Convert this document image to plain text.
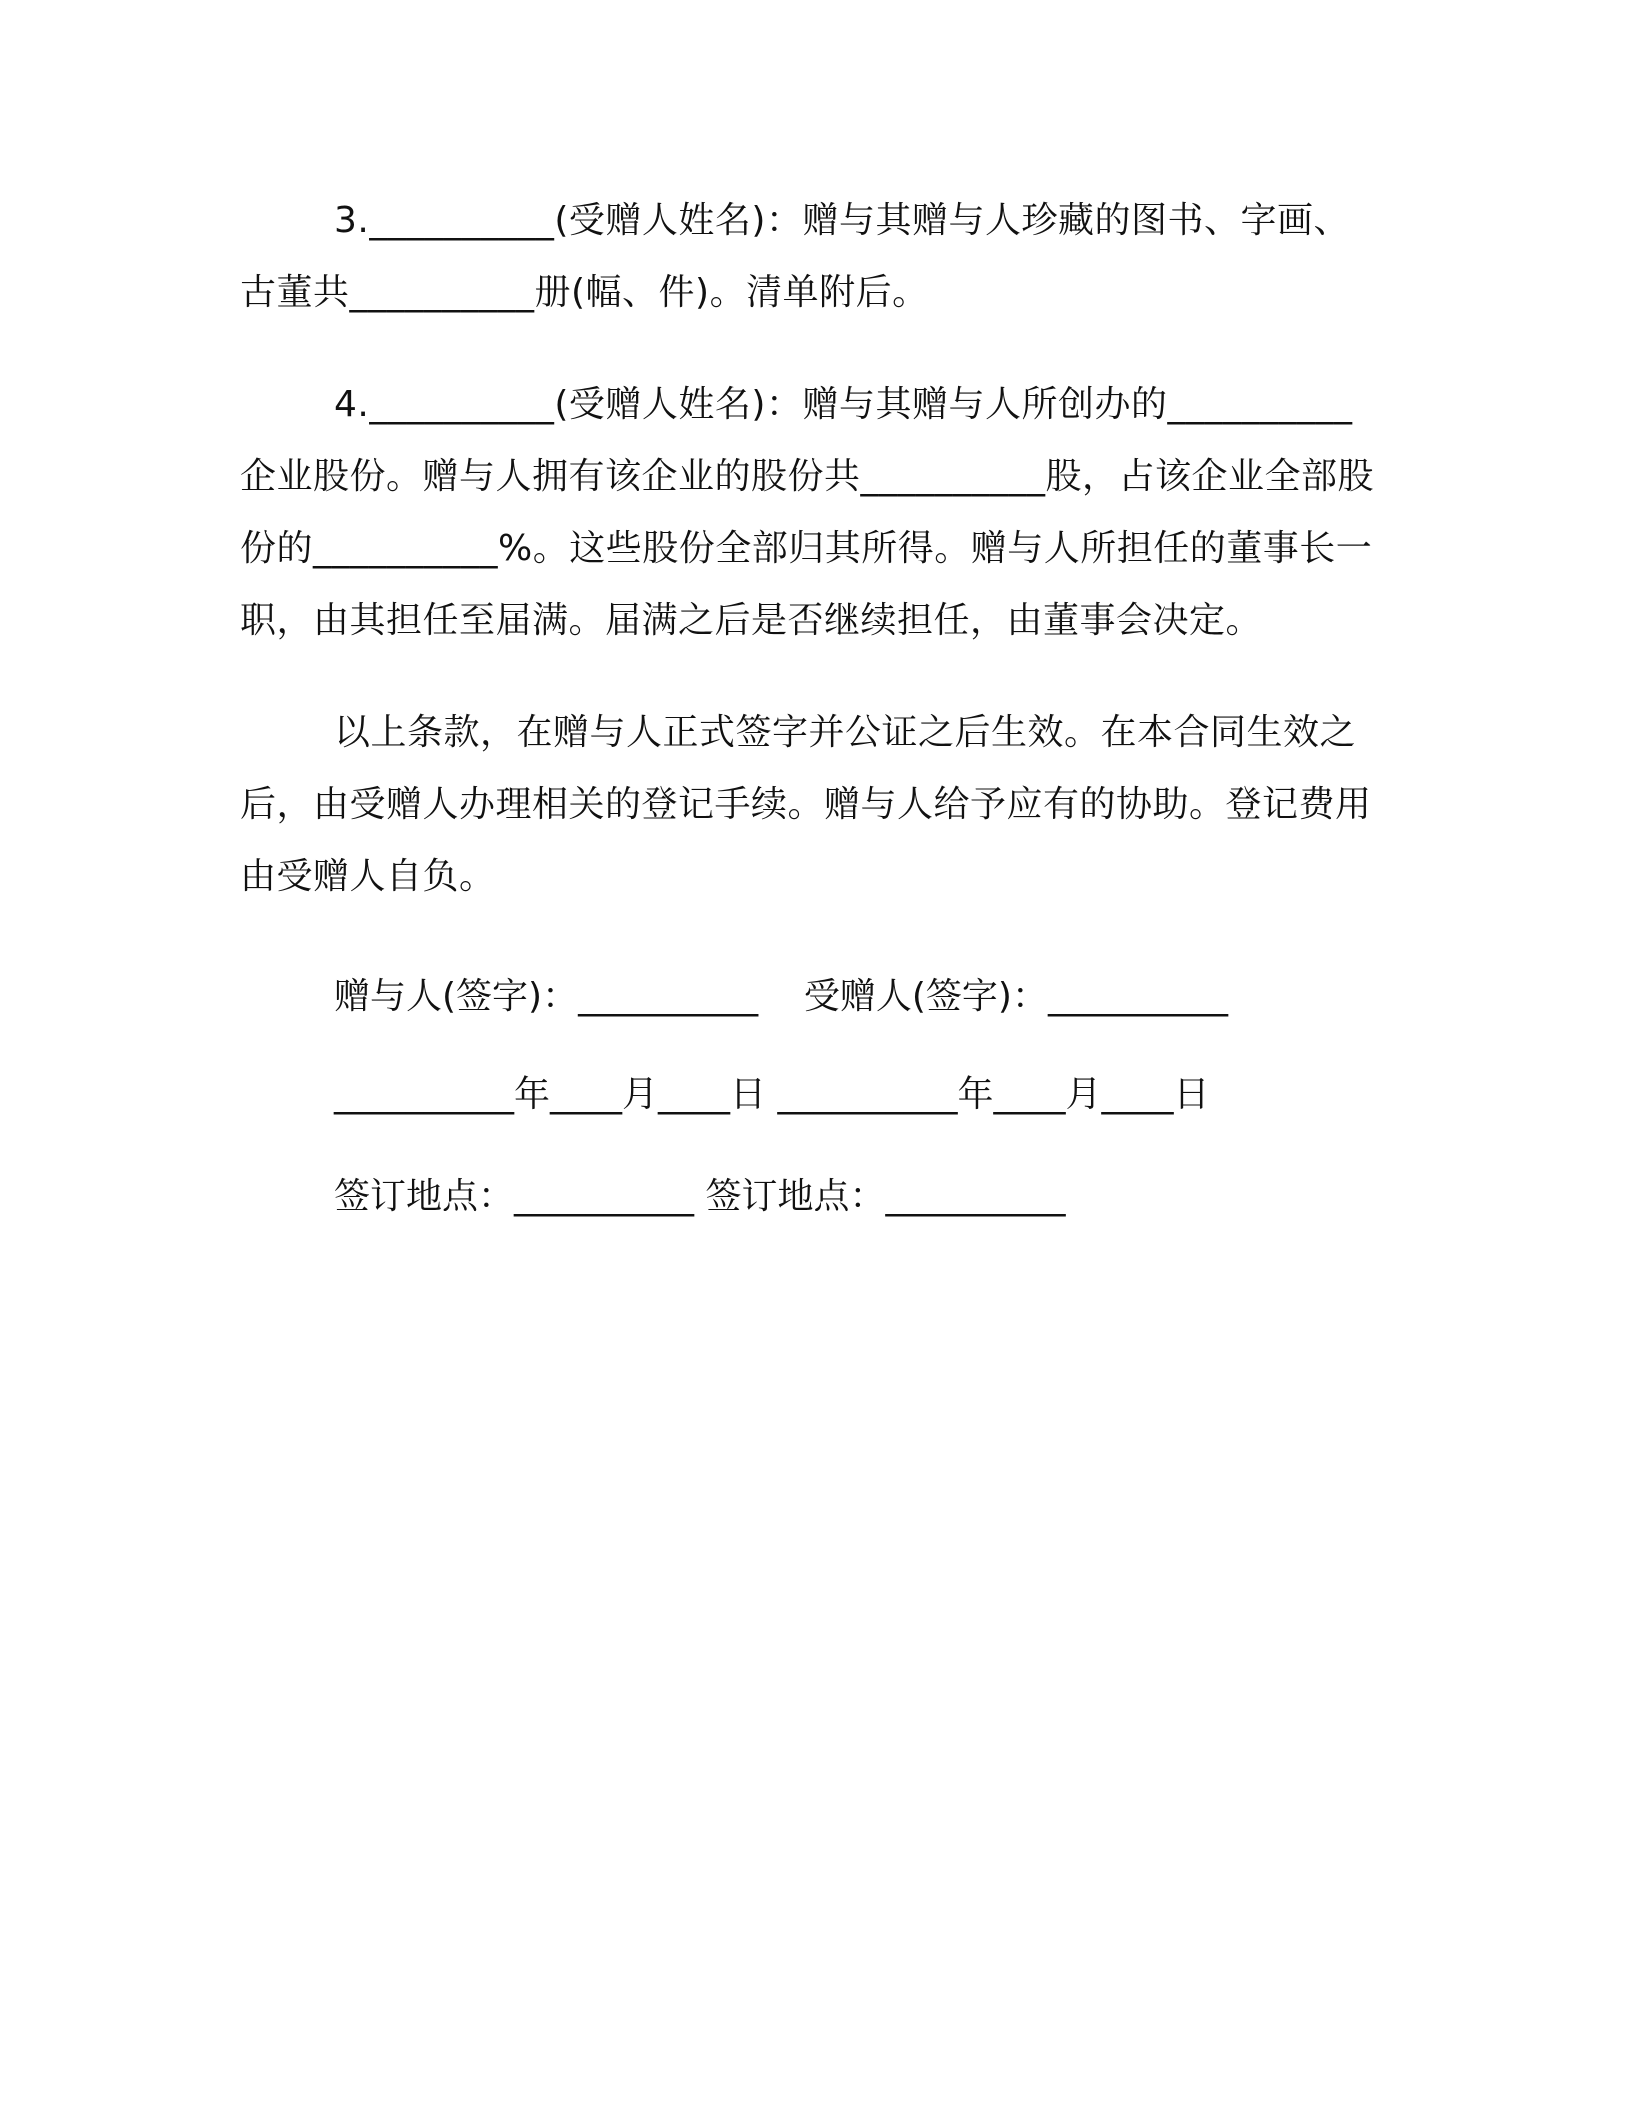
3.__________(受赠人姓名)：赠与其赠与人珍藏的图书、字画、古董共__________册(幅、件)。清单附后。

4.__________(受赠人姓名)：赠与其赠与人所创办的__________企业股份。赠与人拥有该企业的股份共__________股，占该企业全部股份的__________%。这些股份全部归其所得。赠与人所担任的董事长一职，由其担任至届满。届满之后是否继续担任，由董事会决定。

以上条款，在赠与人正式签字并公证之后生效。在本合同生效之后，由受赠人办理相关的登记手续。赠与人给予应有的协助。登记费用由受赠人自负。

赠与人(签字)：__________ 受赠人(签字)：__________
__________年____月____日 __________年____月____日
签订地点：__________ 签订地点：__________
